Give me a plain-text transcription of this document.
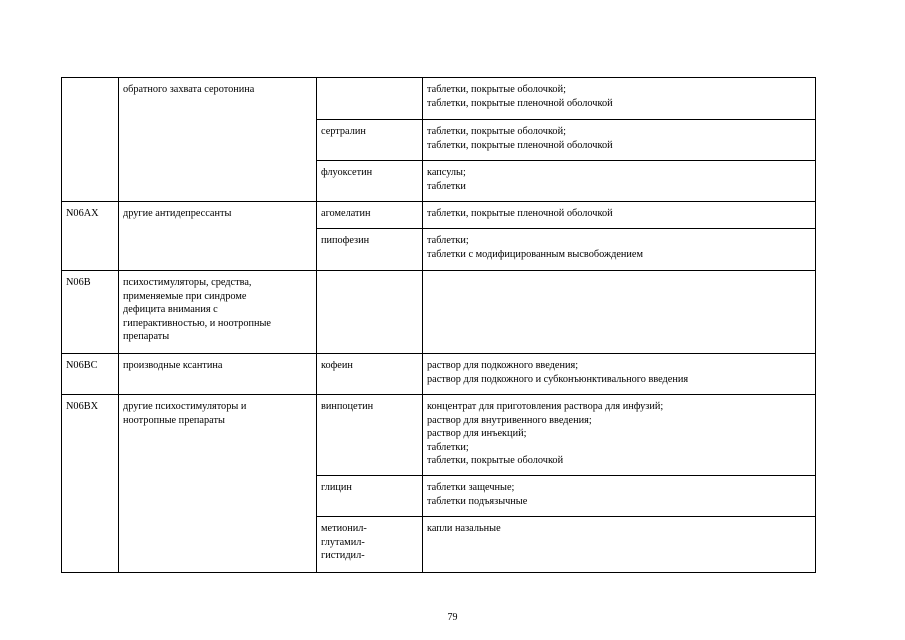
	обратного захвата серотонина		таблетки, покрытые оболочкой;
таблетки, покрытые пленочной оболочкой

		сертралин	таблетки, покрытые оболочкой;
таблетки, покрытые пленочной оболочкой

		флуоксетин	капсулы;
таблетки

N06AX	другие антидепрессанты	агомелатин	таблетки, покрытые пленочной оболочкой

		пипофезин	таблетки;
таблетки с модифицированным высвобождением

N06B	психостимуляторы, средства,
применяемые при синдроме
дефицита внимания с
гиперактивностью, и ноотропные
препараты		

N06BC	производные ксантина	кофеин	раствор для подкожного введения;
раствор для подкожного и субконъюнктивального введения

N06BX	другие психостимуляторы и
ноотропные препараты	винпоцетин	концентрат для приготовления раствора для инфузий;
раствор для внутривенного введения;
раствор для инъекций;
таблетки;
таблетки, покрытые оболочкой

		глицин	таблетки защечные;
таблетки подъязычные

		метионил-
глутамил-
гистидил-	капли назальные
79
